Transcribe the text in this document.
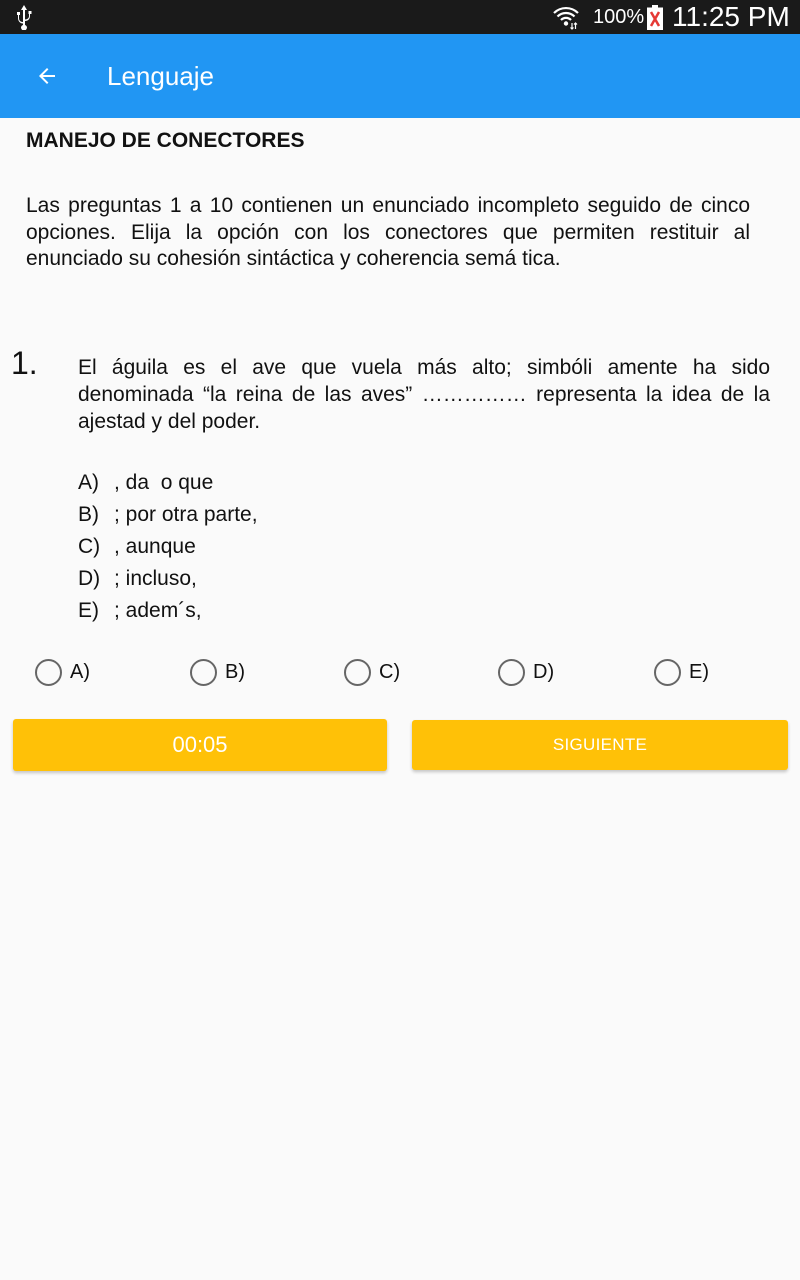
100% 11:25 PM
Lenguaje
MANEJO DE CONECTORES

Las preguntas 1 a 10 contienen un enunciado incompleto seguido de cinco opciones. Elija la opción con los conectores que permiten restituir al enunciado su cohesión sintáctica y coherencia semá tica.

1. El águila es el ave que vuela más alto; simbóli amente ha sido denominada “la reina de las aves” …………… representa la idea de la ajestad y del poder.

A) , da  o que
B) ; por otra parte,
C) , aunque
D) ; incluso,
E) ; adem´s,
A)	B)	C)	D)	E)
00:05	SIGUIENTE
